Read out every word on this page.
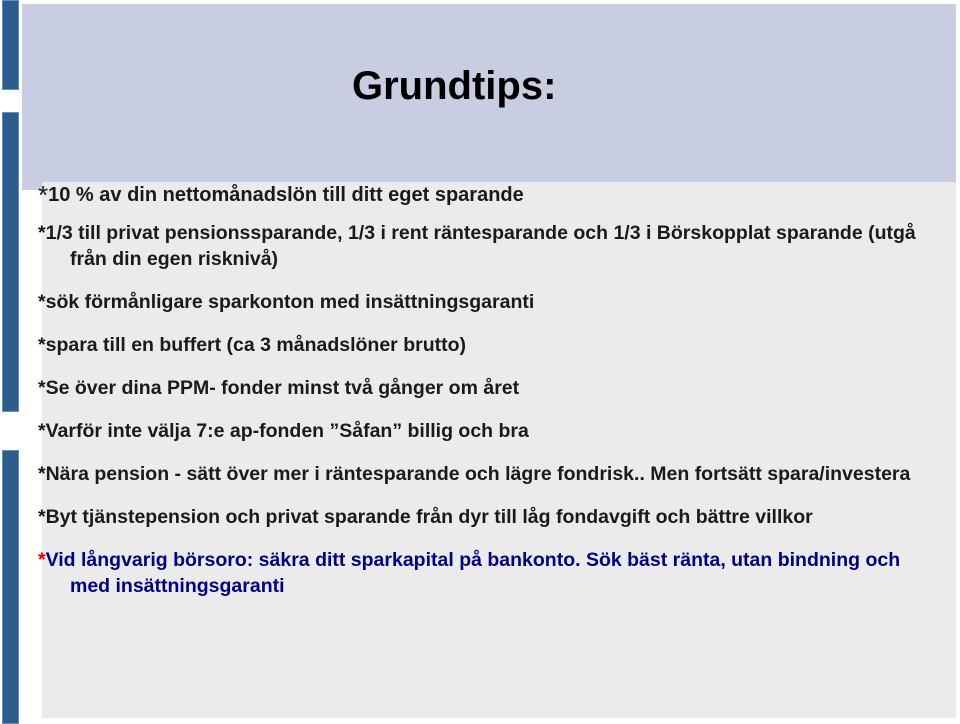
Grundtips:
*10 % av din nettomånadslön till ditt eget sparande
*1/3 till privat pensionssparande, 1/3 i rent räntesparande och 1/3 i Börskopplat sparande (utgå från din egen risknivå)
*sök förmånligare sparkonton med insättningsgaranti
*spara till en buffert (ca 3 månadslöner brutto)
*Se över dina PPM- fonder minst två gånger om året
*Varför inte välja 7:e ap-fonden ”Såfan” billig och bra
*Nära pension - sätt över mer i räntesparande och lägre fondrisk.. Men fortsätt spara/investera
*Byt tjänstepension och privat sparande från dyr till låg fondavgift och bättre villkor
*Vid långvarig börsoro: säkra ditt sparkapital på bankonto. Sök bäst ränta, utan bindning och med insättningsgaranti
